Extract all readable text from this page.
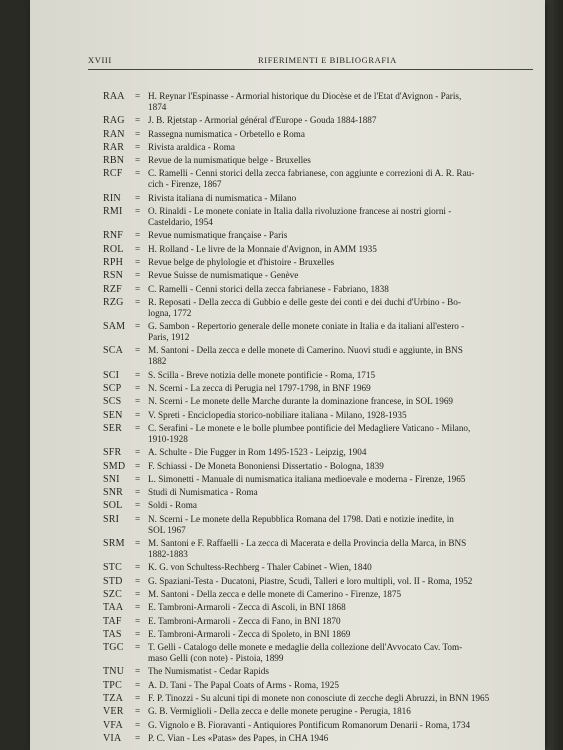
XVIII	RIFERIMENTI E BIBLIOGRAFIA
RAA	= H. Reynar l'Espinasse - Armorial historique du Diocèse et de l'Etat d'Avignon - Paris,
1874
RAG	= J. B. Rjetstap - Armorial général d'Europe - Gouda 1884-1887
RAN	= Rassegna numismatica - Orbetello e Roma
RAR	= Rivista araldica - Roma
RBN	= Revue de la numismatique belge - Bruxelles
RCF	= C. Ramelli - Cenni storici della zecca fabrianese, con aggiunte e correzioni di A. R. Rau-
cich - Firenze, 1867
RIN	= Rivista italiana di numismatica - Milano
RMI	= O. Rinaldi - Le monete coniate in Italia dalla rivoluzione francese ai nostri giorni -
Casteldario, 1954
RNF	= Revue numismatique française - Paris
ROL	= H. Rolland - Le livre de la Monnaie d'Avignon, in AMM 1935
RPH	= Revue belge de phylologie et d'histoire - Bruxelles
RSN	= Revue Suisse de numismatique - Genève
RZF	= C. Ramelli - Cenni storici della zecca fabrianese - Fabriano, 1838
RZG	= R. Reposati - Della zecca di Gubbio e delle geste dei conti e dei duchi d'Urbino - Bo-
logna, 1772
SAM	= G. Sambon - Repertorio generale delle monete coniate in Italia e da italiani all'estero -
Paris, 1912
SCA	= M. Santoni - Della zecca e delle monete di Camerino. Nuovi studi e aggiunte, in BNS
1882
SCI	= S. Scilla - Breve notizia delle monete pontificie - Roma, 1715
SCP	= N. Scerni - La zecca di Perugia nel 1797-1798, in BNF 1969
SCS	= N. Scerni - Le monete delle Marche durante la dominazione francese, in SOL 1969
SEN	= V. Spreti - Enciclopedia storico-nobiliare italiana - Milano, 1928-1935
SER	= C. Serafini - Le monete e le bolle plumbee pontificie del Medagliere Vaticano - Milano,
1910-1928
SFR	= A. Schulte - Die Fugger in Rom 1495-1523 - Leipzig, 1904
SMD	= F. Schiassi - De Moneta Bononiensi Dissertatio - Bologna, 1839
SNI	= L. Simonetti - Manuale di numismatica italiana medioevale e moderna - Firenze, 1965
SNR	= Studi di Numismatica - Roma
SOL	= Soldi - Roma
SRI	= N. Scerni - Le monete della Repubblica Romana del 1798. Dati e notizie inedite, in
SOL 1967
SRM	= M. Santoni e F. Raffaelli - La zecca di Macerata e della Provincia della Marca, in BNS
1882-1883
STC	= K. G. von Schultess-Rechberg - Thaler Cabinet - Wien, 1840
STD	= G. Spaziani-Testa - Ducatoni, Piastre, Scudi, Talleri e loro multipli, vol. II - Roma, 1952
SZC	= M. Santoni - Della zecca e delle monete di Camerino - Firenze, 1875
TAA	= E. Tambroni-Armaroli - Zecca di Ascoli, in BNI 1868
TAF	= E. Tambroni-Armaroli - Zecca di Fano, in BNI 1870
TAS	= E. Tambroni-Armaroli - Zecca di Spoleto, in BNI 1869
TGC	= T. Gelli - Catalogo delle monete e medaglie della collezione dell'Avvocato Cav. Tom-
maso Gelli (con note) - Pistoia, 1899
TNU	= The Numismatist - Cedar Rapids
TPC	= A. D. Tani - The Papal Coats of Arms - Roma, 1925
TZA	= F. P. Tinozzi - Su alcuni tipi di monete non conosciute di zecche degli Abruzzi, in BNN 1965
VER	= G. B. Vermiglioli - Della zecca e delle monete perugine - Perugia, 1816
VFA	= G. Vignolo e B. Fioravanti - Antiquiores Pontificum Romanorum Denarii - Roma, 1734
VIA	= P. C. Vian - Les «Patas» des Papes, in CHA 1946
